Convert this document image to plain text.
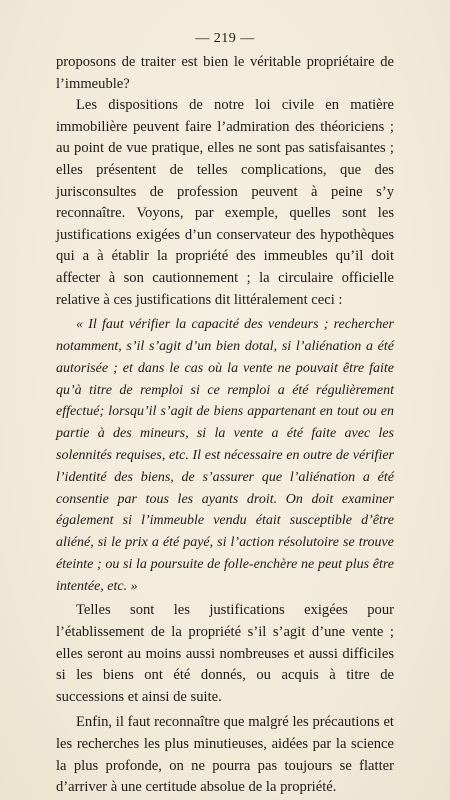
— 219 —

proposons de traiter est bien le véritable propriétaire de l’immeuble?

Les dispositions de notre loi civile en matière immobilière peuvent faire l’admiration des théoriciens ; au point de vue pratique, elles ne sont pas satisfaisantes ; elles présentent de telles complications, que des jurisconsultes de profession peuvent à peine s’y reconnaître. Voyons, par exemple, quelles sont les justifications exigées d’un conservateur des hypothèques qui a à établir la propriété des immeubles qu’il doit affecter à son cautionnement ; la circulaire officielle relative à ces justifications dit littéralement ceci :

« Il faut vérifier la capacité des vendeurs ; rechercher notamment, s’il s’agit d’un bien dotal, si l’aliénation a été autorisée ; et dans le cas où la vente ne pouvait être faite qu’à titre de remploi si ce remploi a été régulièrement effectué; lorsqu’il s’agit de biens appartenant en tout ou en partie à des mineurs, si la vente a été faite avec les solennités requises, etc. Il est nécessaire en outre de vérifier l’identité des biens, de s’assurer que l’aliénation a été consentie par tous les ayants droit. On doit examiner également si l’immeuble vendu était susceptible d’être aliéné, si le prix a été payé, si l’action résolutoire se trouve éteinte ; ou si la poursuite de folle-enchère ne peut plus être intentée, etc. »

Telles sont les justifications exigées pour l’établissement de la propriété s’il s’agit d’une vente ; elles seront au moins aussi nombreuses et aussi difficiles si les biens ont été donnés, ou acquis à titre de successions et ainsi de suite.

Enfin, il faut reconnaître que malgré les précautions et les recherches les plus minutieuses, aidées par la science la plus profonde, on ne pourra pas toujours se flatter d’arriver à une certitude absolue de la propriété.
